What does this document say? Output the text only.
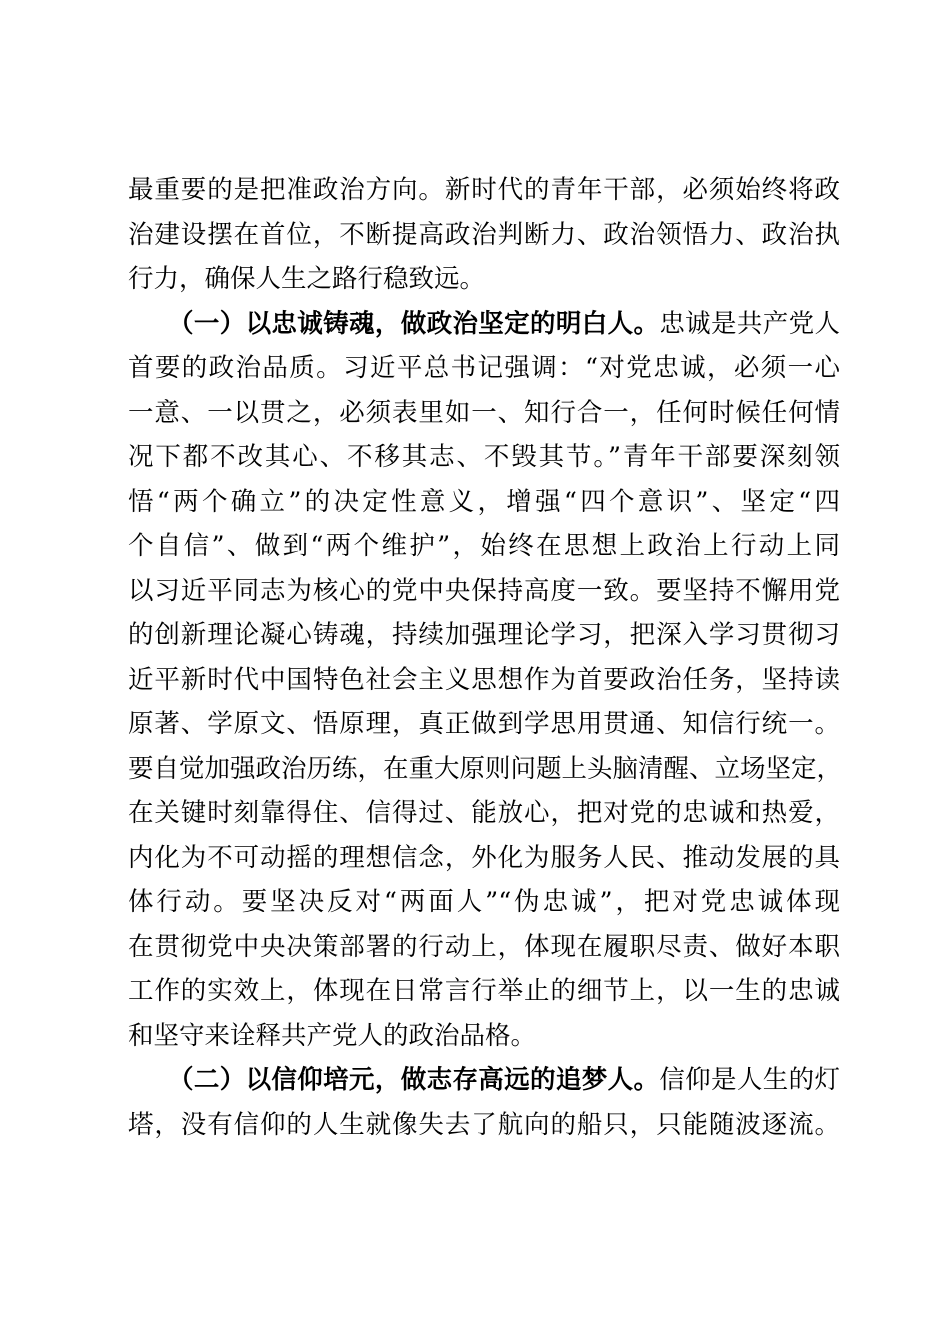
最重要的是把准政治方向。新时代的青年干部，必须始终将政
治建设摆在首位，不断提高政治判断力、政治领悟力、政治执
行力，确保人生之路行稳致远。
（一）以忠诚铸魂，做政治坚定的明白人。忠诚是共产党人
首要的政治品质。习近平总书记强调：“对党忠诚，必须一心
一意、一以贯之，必须表里如一、知行合一，任何时候任何情
况下都不改其心、不移其志、不毁其节。”青年干部要深刻领
悟“两个确立”的决定性意义，增强“四个意识”、坚定“四
个自信”、做到“两个维护”，始终在思想上政治上行动上同
以习近平同志为核心的党中央保持高度一致。要坚持不懈用党
的创新理论凝心铸魂，持续加强理论学习，把深入学习贯彻习
近平新时代中国特色社会主义思想作为首要政治任务，坚持读
原著、学原文、悟原理，真正做到学思用贯通、知信行统一。
要自觉加强政治历练，在重大原则问题上头脑清醒、立场坚定，
在关键时刻靠得住、信得过、能放心，把对党的忠诚和热爱，
内化为不可动摇的理想信念，外化为服务人民、推动发展的具
体行动。要坚决反对“两面人”“伪忠诚”，把对党忠诚体现
在贯彻党中央决策部署的行动上，体现在履职尽责、做好本职
工作的实效上，体现在日常言行举止的细节上，以一生的忠诚
和坚守来诠释共产党人的政治品格。
（二）以信仰培元，做志存高远的追梦人。信仰是人生的灯
塔，没有信仰的人生就像失去了航向的船只，只能随波逐流。
